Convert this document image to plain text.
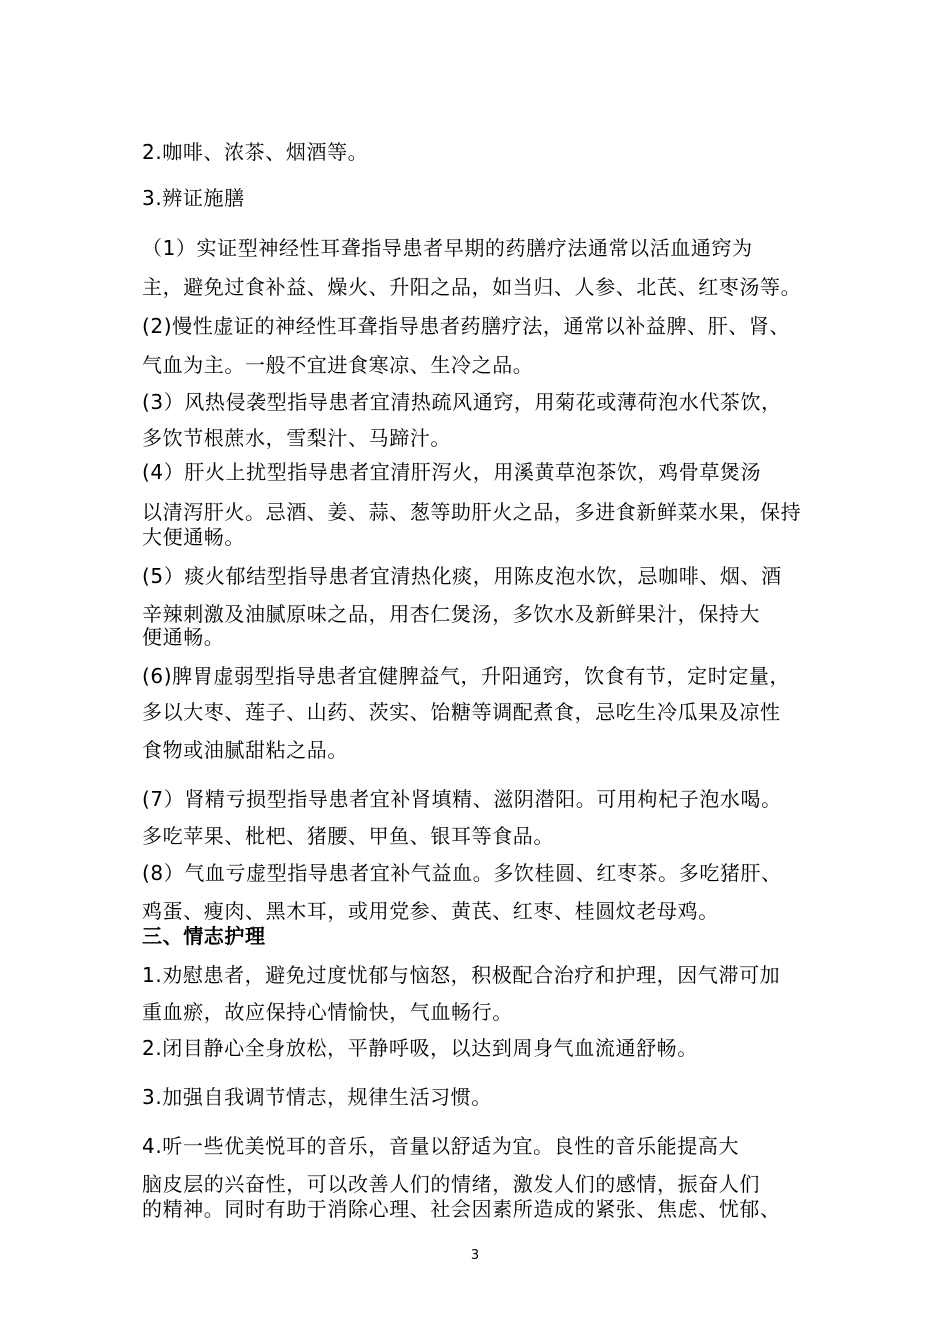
2.咖啡、浓茶、烟酒等。
3.辨证施膳
（1）实证型神经性耳聋指导患者早期的药膳疗法通常以活血通窍为
主，避免过食补益、燥火、升阳之品，如当归、人参、北芪、红枣汤等。
(2)慢性虚证的神经性耳聋指导患者药膳疗法，通常以补益脾、肝、肾、
气血为主。一般不宜进食寒凉、生冷之品。
(3）风热侵袭型指导患者宜清热疏风通窍，用菊花或薄荷泡水代茶饮，
多饮节根蔗水，雪梨汁、马蹄汁。
(4）肝火上扰型指导患者宜清肝泻火，用溪黄草泡茶饮，鸡骨草煲汤
以清泻肝火。忌酒、姜、蒜、葱等助肝火之品，多进食新鲜菜水果，保持
大便通畅。
(5）痰火郁结型指导患者宜清热化痰，用陈皮泡水饮，忌咖啡、烟、酒
辛辣刺激及油腻原味之品，用杏仁煲汤，多饮水及新鲜果汁，保持大
便通畅。
(6)脾胃虚弱型指导患者宜健脾益气，升阳通窍，饮食有节，定时定量，
多以大枣、莲子、山药、茨实、饴糖等调配煮食，忌吃生冷瓜果及凉性
食物或油腻甜粘之品。
(7）肾精亏损型指导患者宜补肾填精、滋阴潜阳。可用枸杞子泡水喝。
多吃苹果、枇杷、猪腰、甲鱼、银耳等食品。
(8）气血亏虚型指导患者宜补气益血。多饮桂圆、红枣茶。多吃猪肝、
鸡蛋、瘦肉、黑木耳，或用党参、黄芪、红枣、桂圆炆老母鸡。
三、情志护理
1.劝慰患者，避免过度忧郁与恼怒，积极配合治疗和护理，因气滞可加
重血瘀，故应保持心情愉快，气血畅行。
2.闭目静心全身放松，平静呼吸，以达到周身气血流通舒畅。
3.加强自我调节情志，规律生活习惯。
4.听一些优美悦耳的音乐，音量以舒适为宜。良性的音乐能提高大
脑皮层的兴奋性，可以改善人们的情绪，激发人们的感情，振奋人们
的精神。同时有助于消除心理、社会因素所造成的紧张、焦虑、忧郁、
3
